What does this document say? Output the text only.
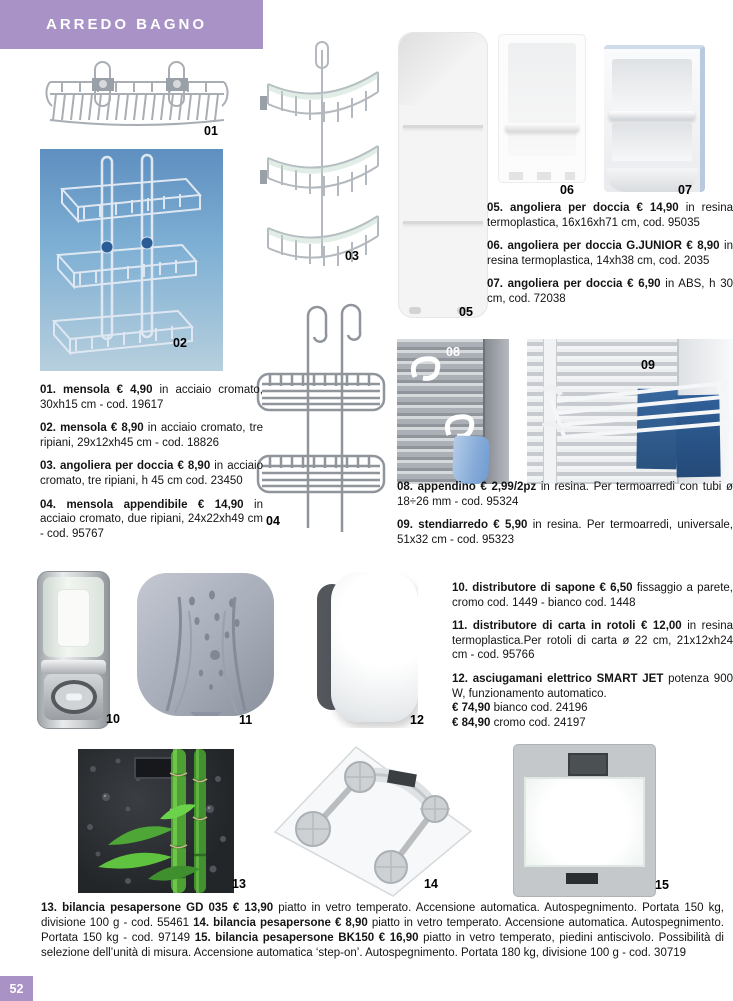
ARREDO BAGNO
01
02
03
04
05
06	07
08
09
10	11	12
13	14	15

01. mensola € 4,90 in acciaio cromato, 30xh15 cm - cod. 19617

02. mensola € 8,90 in acciaio cromato, tre ripiani, 29x12xh45 cm - cod. 18826

03. angoliera per doccia € 8,90 in acciaio cromato, tre ripiani, h 45 cm cod. 23450

04. mensola appendibile € 14,90 in acciaio cromato, due ripiani, 24x22xh49 cm - cod. 95767

05. angoliera per doccia € 14,90 in resina termoplastica, 16x16xh71 cm, cod. 95035

06. angoliera per doccia G.JUNIOR € 8,90 in resina termoplastica, 14xh38 cm, cod. 2035

07. angoliera per doccia € 6,90 in ABS, h 30 cm, cod. 72038

08. appendino € 2,99/2pz in resina. Per termoarredi con tubi ø 18÷26 mm - cod. 95324

09. stendiarredo € 5,90 in resina. Per termoarredi, universale, 51x32 cm - cod. 95323

10. distributore di sapone € 6,50 fissaggio a parete, cromo cod. 1449 - bianco cod. 1448

11. distributore di carta in rotoli € 12,00 in resina termoplastica.Per rotoli di carta ø 22 cm, 21x12xh24 cm - cod. 95766

12. asciugamani elettrico SMART JET potenza 900 W, funzionamento automatico.
€ 74,90 bianco cod. 24196
€ 84,90 cromo cod. 24197

13. bilancia pesapersone GD 035 € 13,90 piatto in vetro temperato. Accensione automatica. Autospegnimento. Portata 150 kg, divisione 100 g - cod. 55461 14. bilancia pesapersone € 8,90 piatto in vetro temperato. Accensione automatica. Autospegnimento. Portata 150 kg - cod. 97149 15. bilancia pesapersone BK150 € 16,90 piatto in vetro temperato, piedini antiscivolo. Possibilità di selezione dell’unità di misura. Accensione automatica ‘step-on’. Autospegnimento. Portata 180 kg, divisione 100 g - cod. 30719

52
